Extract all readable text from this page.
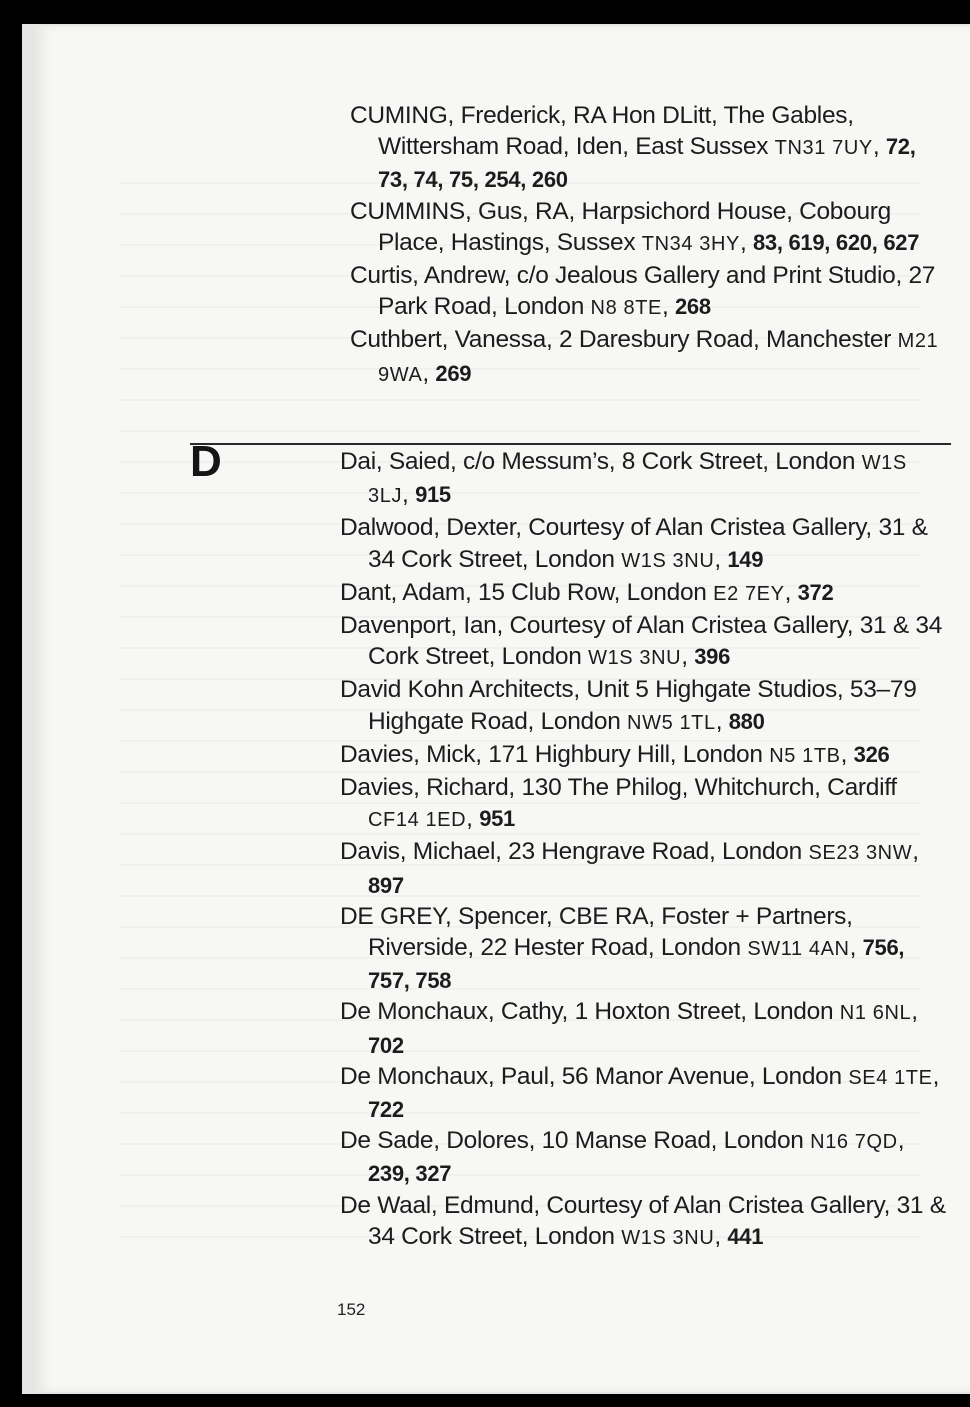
CUMING, Frederick, RA Hon DLitt, The Gables, Wittersham Road, Iden, East Sussex TN31 7UY, 72, 73, 74, 75, 254, 260
CUMMINS, Gus, RA, Harpsichord House, Cobourg Place, Hastings, Sussex TN34 3HY, 83, 619, 620, 627
Curtis, Andrew, c/o Jealous Gallery and Print Studio, 27 Park Road, London N8 8TE, 268
Cuthbert, Vanessa, 2 Daresbury Road, Manchester M21 9WA, 269
D	Dai, Saied, c/o Messum’s, 8 Cork Street, London W1S 3LJ, 915
Dalwood, Dexter, Courtesy of Alan Cristea Gallery, 31 & 34 Cork Street, London W1S 3NU, 149
Dant, Adam, 15 Club Row, London E2 7EY, 372
Davenport, Ian, Courtesy of Alan Cristea Gallery, 31 & 34 Cork Street, London W1S 3NU, 396
David Kohn Architects, Unit 5 Highgate Studios, 53–79 Highgate Road, London NW5 1TL, 880
Davies, Mick, 171 Highbury Hill, London N5 1TB, 326
Davies, Richard, 130 The Philog, Whitchurch, Cardiff CF14 1ED, 951
Davis, Michael, 23 Hengrave Road, London SE23 3NW, 897
DE GREY, Spencer, CBE RA, Foster + Partners, Riverside, 22 Hester Road, London SW11 4AN, 756, 757, 758
De Monchaux, Cathy, 1 Hoxton Street, London N1 6NL, 702
De Monchaux, Paul, 56 Manor Avenue, London SE4 1TE, 722
De Sade, Dolores, 10 Manse Road, London N16 7QD, 239, 327
De Waal, Edmund, Courtesy of Alan Cristea Gallery, 31 & 34 Cork Street, London W1S 3NU, 441
152
